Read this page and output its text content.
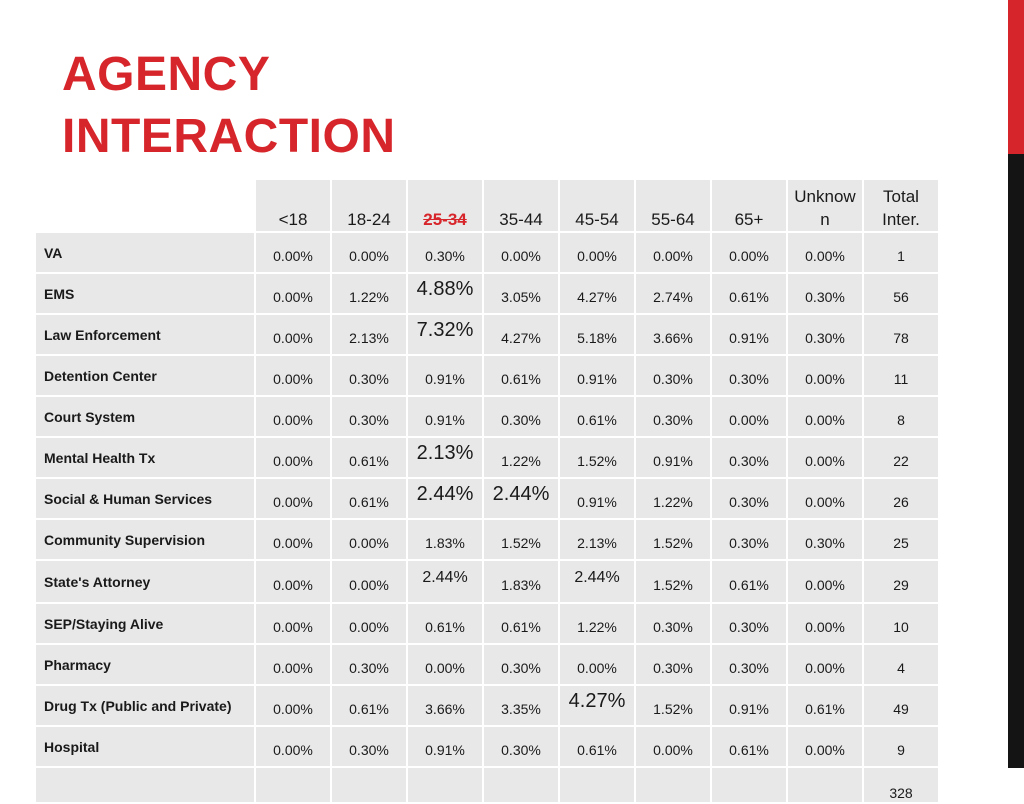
AGENCY
INTERACTION
	<18	18-24	25-34	35-44	45-54	55-64	65+	Unknow n	Total Inter.
VA	0.00%	0.00%	0.30%	0.00%	0.00%	0.00%	0.00%	0.00%	1
EMS	0.00%	1.22%	4.88%	3.05%	4.27%	2.74%	0.61%	0.30%	56
Law Enforcement	0.00%	2.13%	7.32%	4.27%	5.18%	3.66%	0.91%	0.30%	78
Detention Center	0.00%	0.30%	0.91%	0.61%	0.91%	0.30%	0.30%	0.00%	11
Court System	0.00%	0.30%	0.91%	0.30%	0.61%	0.30%	0.00%	0.00%	8
Mental Health Tx	0.00%	0.61%	2.13%	1.22%	1.52%	0.91%	0.30%	0.00%	22
Social & Human Services	0.00%	0.61%	2.44%	2.44%	0.91%	1.22%	0.30%	0.00%	26
Community Supervision	0.00%	0.00%	1.83%	1.52%	2.13%	1.52%	0.30%	0.30%	25
State's Attorney	0.00%	0.00%	2.44%	1.83%	2.44%	1.52%	0.61%	0.00%	29
SEP/Staying Alive	0.00%	0.00%	0.61%	0.61%	1.22%	0.30%	0.30%	0.00%	10
Pharmacy	0.00%	0.30%	0.00%	0.30%	0.00%	0.30%	0.30%	0.00%	4
Drug Tx (Public and Private)	0.00%	0.61%	3.66%	3.35%	4.27%	1.52%	0.91%	0.61%	49
Hospital	0.00%	0.30%	0.91%	0.30%	0.61%	0.00%	0.61%	0.00%	9
									328
